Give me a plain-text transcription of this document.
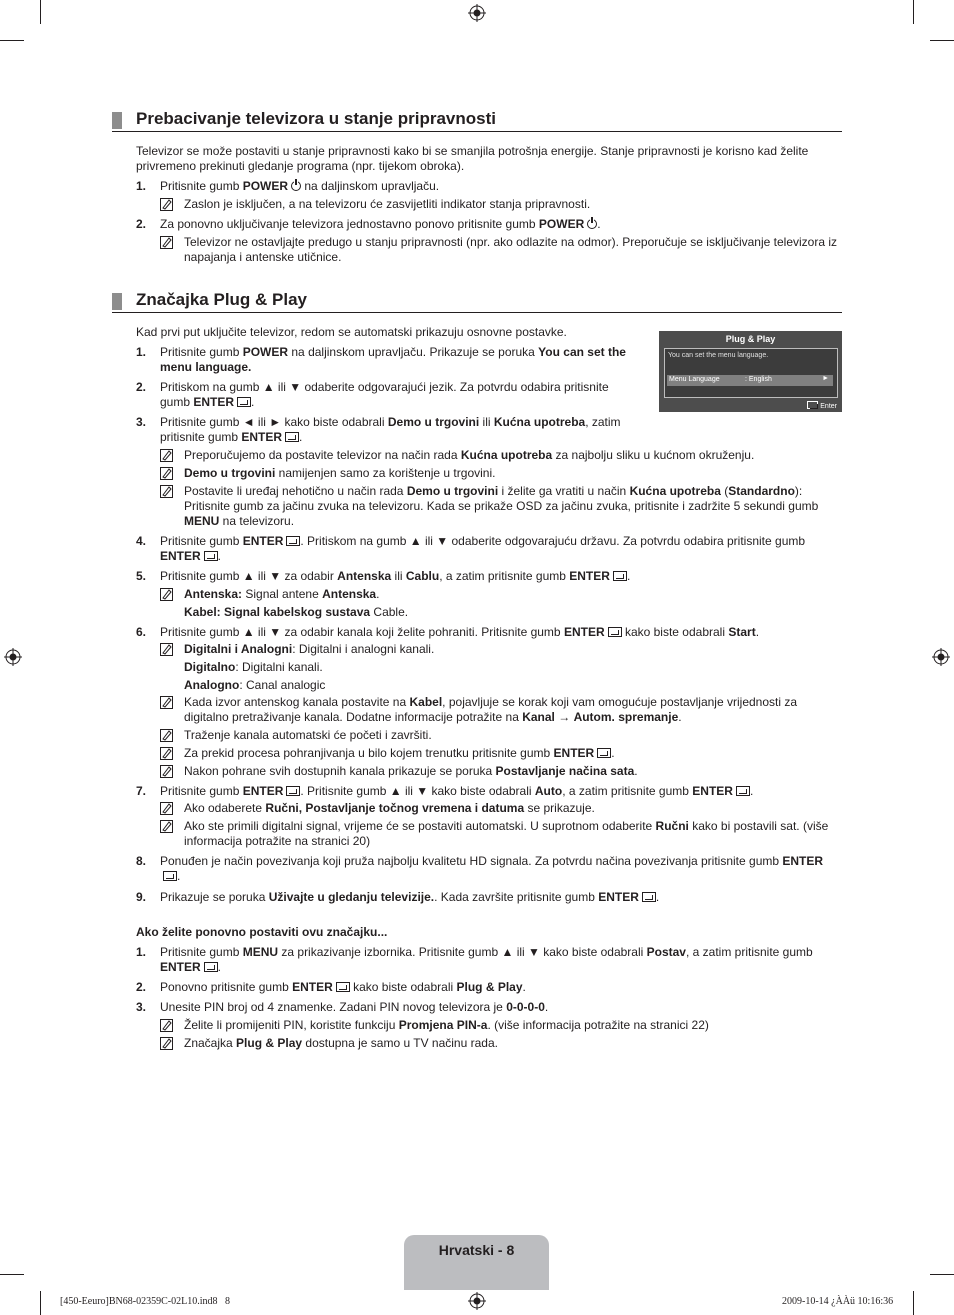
Prebacivanje televizora u stanje pripravnosti
Televizor se može postaviti u stanje pripravnosti kako bi se smanjila potrošnja energije. Stanje pripravnosti je korisno kad želite privremeno prekinuti gledanje programa (npr. tijekom obroka).
1.	Pritisnite gumb POWER na daljinskom upravljaču.
Zaslon je isključen, a na televizoru će zasvijetliti indikator stanja pripravnosti.
2.	Za ponovno uključivanje televizora jednostavno ponovo pritisnite gumb POWER .
Televizor ne ostavljajte predugo u stanju pripravnosti (npr. ako odlazite na odmor). Preporučuje se isključivanje televizora iz napajanja i antenske utičnice.
Značajka Plug & Play
Kad prvi put uključite televizor, redom se automatski prikazuju osnovne postavke.	Plug & Play
You can set the menu language.
Menu Language	: English	►
Enter
1.	Pritisnite gumb POWER na daljinskom upravljaču. Prikazuje se poruka You can set the menu language.
2.	Pritiskom na gumb ▲ ili ▼ odaberite odgovarajući jezik. Za potvrdu odabira pritisnite gumb ENTER .
3.	Pritisnite gumb ◄ ili ► kako biste odabrali Demo u trgovini ili Kućna upotreba, zatim pritisnite gumb ENTER .
Preporučujemo da postavite televizor na način rada Kućna upotreba za najbolju sliku u kućnom okruženju.
Demo u trgovini namijenjen samo za korištenje u trgovini.
Postavite li uređaj nehotično u način rada Demo u trgovini i želite ga vratiti u način Kućna upotreba (Standardno): Pritisnite gumb za jačinu zvuka na televizoru. Kada se prikaže OSD za jačinu zvuka, pritisnite i zadržite 5 sekundi gumb MENU na televizoru.
4.	Pritisnite gumb ENTER . Pritiskom na gumb ▲ ili ▼ odaberite odgovarajuću državu. Za potvrdu odabira pritisnite gumb ENTER .
5.	Pritisnite gumb ▲ ili ▼ za odabir Antenska ili Cablu, a zatim pritisnite gumb ENTER .
Antenska: Signal antene Antenska.
Kabel: Signal kabelskog sustava Cable.
6.	Pritisnite gumb ▲ ili ▼ za odabir kanala koji želite pohraniti. Pritisnite gumb ENTER kako biste odabrali Start.
Digitalni i Analogni: Digitalni i analogni kanali.
Digitalno: Digitalni kanali.
Analogno: Canal analogic
Kada izvor antenskog kanala postavite na Kabel, pojavljuje se korak koji vam omogućuje postavljanje vrijednosti za digitalno pretraživanje kanala. Dodatne informacije potražite na Kanal → Autom. spremanje.
Traženje kanala automatski će početi i završiti.
Za prekid procesa pohranjivanja u bilo kojem trenutku pritisnite gumb ENTER .
Nakon pohrane svih dostupnih kanala prikazuje se poruka Postavljanje načina sata.
7.	Pritisnite gumb ENTER . Pritisnite gumb ▲ ili ▼ kako biste odabrali Auto, a zatim pritisnite gumb ENTER .
Ako odaberete Ručni, Postavljanje točnog vremena i datuma se prikazuje.
Ako ste primili digitalni signal, vrijeme će se postaviti automatski. U suprotnom odaberite Ručni kako bi postavili sat. (više informacija potražite na stranici 20)
8.	Ponuđen je način povezivanja koji pruža najbolju kvalitetu HD signala. Za potvrdu načina povezivanja pritisnite gumb ENTER.
9.	Prikazuje se poruka Uživajte u gledanju televizije.. Kada završite pritisnite gumb ENTER .
Ako želite ponovno postaviti ovu značajku...
1.	Pritisnite gumb MENU za prikazivanje izbornika. Pritisnite gumb ▲ ili ▼ kako biste odabrali Postav, a zatim pritisnite gumb ENTER .
2.	Ponovno pritisnite gumb ENTER kako biste odabrali Plug & Play.
3.	Unesite PIN broj od 4 znamenke. Zadani PIN novog televizora je 0-0-0-0.
Želite li promijeniti PIN, koristite funkciju Promjena PIN-a. (više informacija potražite na stranici 22)
Značajka Plug & Play dostupna je samo u TV načinu rada.
Hrvatski - 8
[450-Eeuro]BN68-02359C-02L10.ind8 8	2009-10-14 ¿ÀÀü 10:16:36
